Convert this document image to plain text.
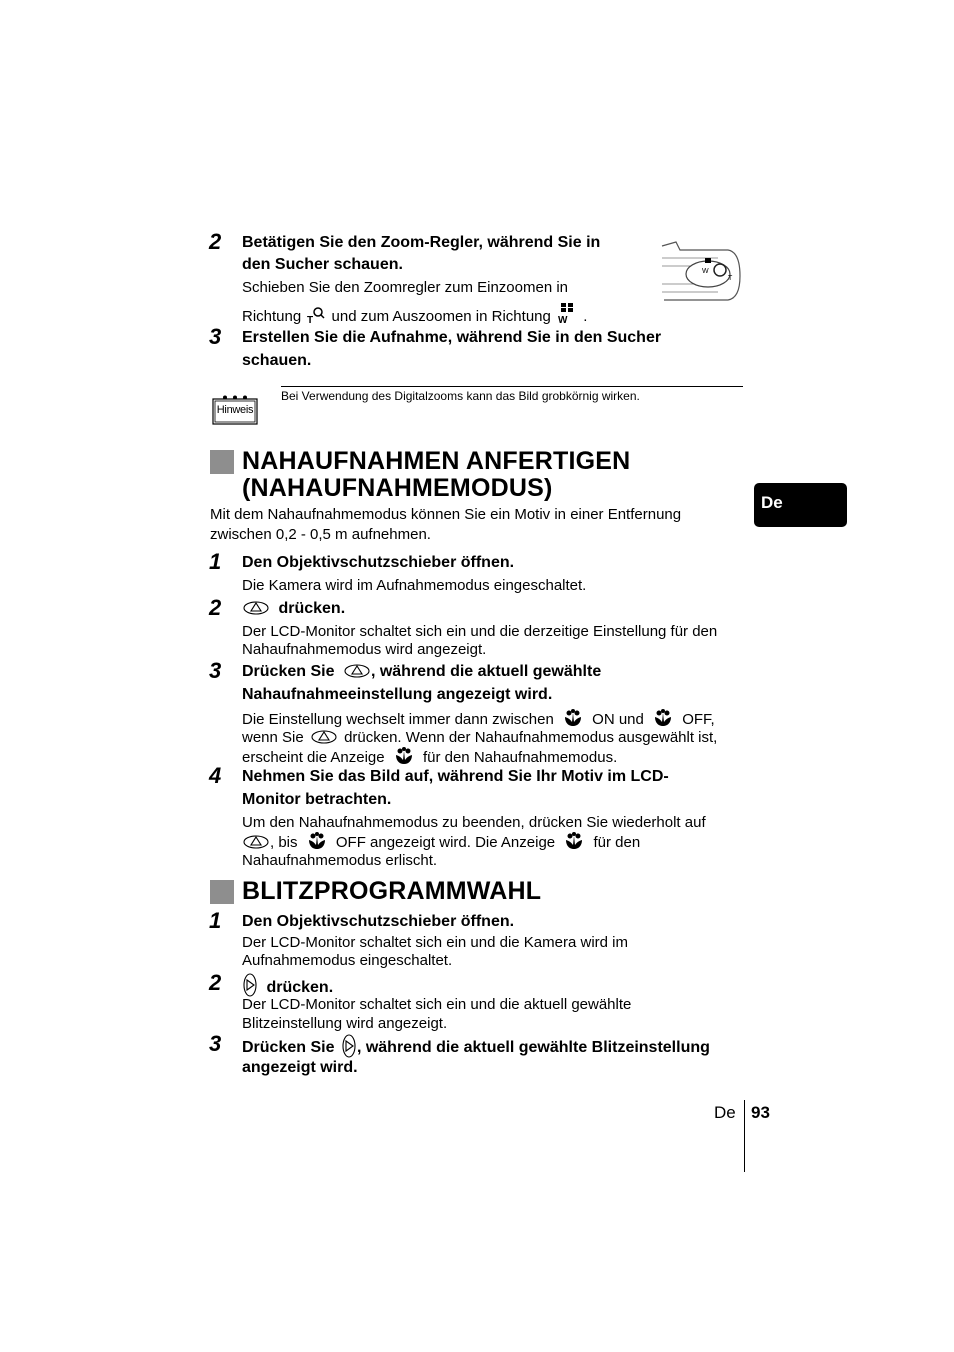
2 Betätigen Sie den Zoom-Regler, während Sie in
den Sucher schauen.
Schieben Sie den Zoomregler zum Einzoomen in
Richtung T und zum Auszoomen in Richtung W .
W
T
3 Erstellen Sie die Aufnahme, während Sie in den Sucher
schauen.
Hinweis
Bei Verwendung des Digitalzooms kann das Bild grobkörnig wirken.
NAHAUFNAHMEN ANFERTIGEN
(NAHAUFNAHMEMODUS)
Mit dem Nahaufnahmemodus können Sie ein Motiv in einer Entfernung
zwischen 0,2 - 0,5 m aufnehmen.
1 Den Objektivschutzschieber öffnen.
Die Kamera wird im Aufnahmemodus eingeschaltet.
2	drücken.
Der LCD-Monitor schaltet sich ein und die derzeitige Einstellung für den
Nahaufnahmemodus wird angezeigt.
3 Drücken Sie , während die aktuell gewählte
Nahaufnahmeeinstellung angezeigt wird.
Die Einstellung wechselt immer dann zwischen	ON und	OFF,
wenn Sie	drücken. Wenn der Nahaufnahmemodus ausgewählt ist,
erscheint die Anzeige	für den Nahaufnahmemodus.
4 Nehmen Sie das Bild auf, während Sie Ihr Motiv im LCD-
Monitor betrachten.
Um den Nahaufnahmemodus zu beenden, drücken Sie wiederholt auf
, bis	OFF angezeigt wird. Die Anzeige	für den
Nahaufnahmemodus erlischt.
BLITZPROGRAMMWAHL
1 Den Objektivschutzschieber öffnen.
Der LCD-Monitor schaltet sich ein und die Kamera wird im
Aufnahmemodus eingeschaltet.
2	drücken.
Der LCD-Monitor schaltet sich ein und die aktuell gewählte
Blitzeinstellung wird angezeigt.
3 Drücken Sie , während die aktuell gewählte Blitzeinstellung
angezeigt wird.
De
De 93
